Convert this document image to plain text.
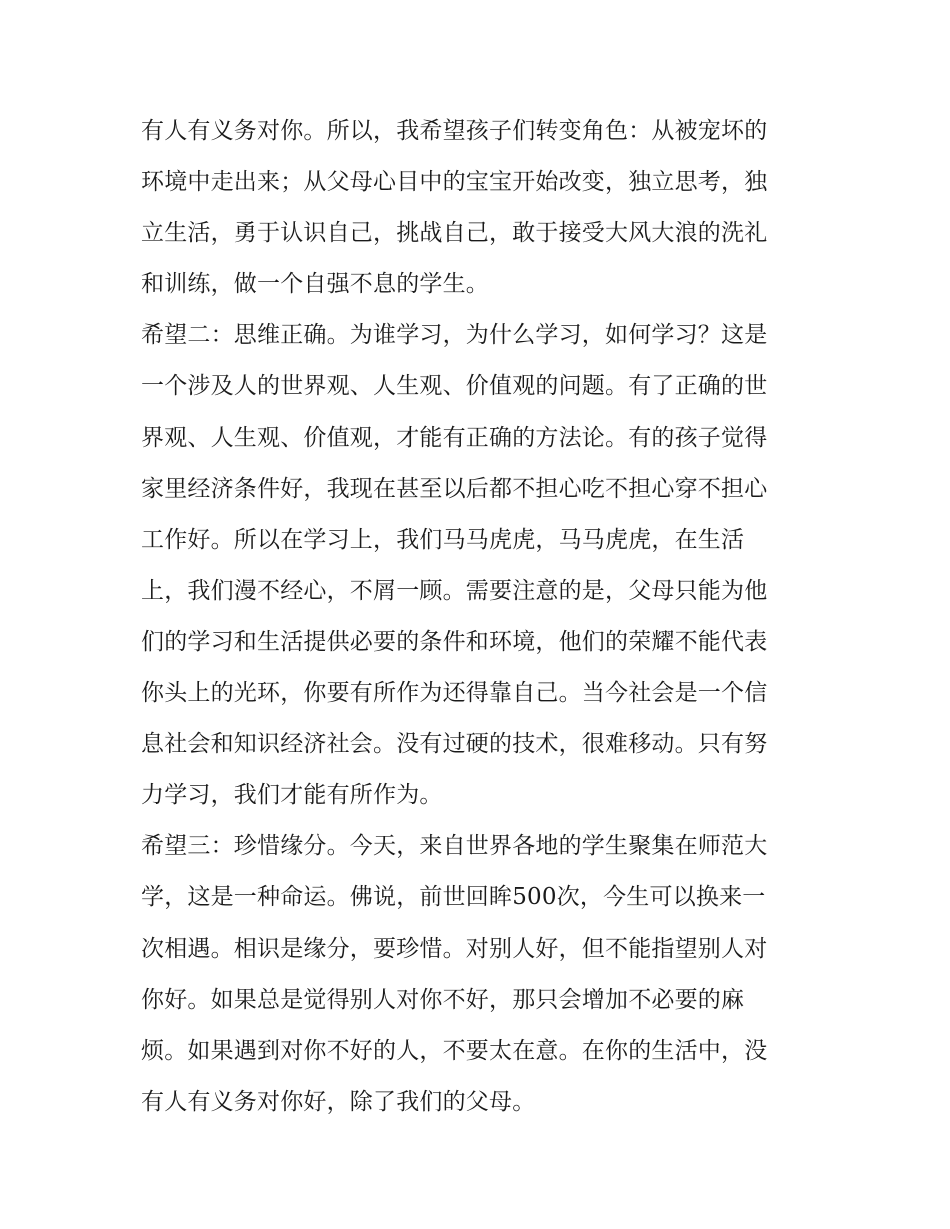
有人有义务对你。所以，我希望孩子们转变角色：从被宠坏的
环境中走出来；从父母心目中的宝宝开始改变，独立思考，独
立生活，勇于认识自己，挑战自己，敢于接受大风大浪的洗礼
和训练，做一个自强不息的学生。
希望二：思维正确。为谁学习，为什么学习，如何学习？这是
一个涉及人的世界观、人生观、价值观的问题。有了正确的世
界观、人生观、价值观，才能有正确的方法论。有的孩子觉得
家里经济条件好，我现在甚至以后都不担心吃不担心穿不担心
工作好。所以在学习上，我们马马虎虎，马马虎虎，在生活
上，我们漫不经心，不屑一顾。需要注意的是，父母只能为他
们的学习和生活提供必要的条件和环境，他们的荣耀不能代表
你头上的光环，你要有所作为还得靠自己。当今社会是一个信
息社会和知识经济社会。没有过硬的技术，很难移动。只有努
力学习，我们才能有所作为。
希望三：珍惜缘分。今天，来自世界各地的学生聚集在师范大
学，这是一种命运。佛说，前世回眸500次，今生可以换来一
次相遇。相识是缘分，要珍惜。对别人好，但不能指望别人对
你好。如果总是觉得别人对你不好，那只会增加不必要的麻
烦。如果遇到对你不好的人，不要太在意。在你的生活中，没
有人有义务对你好，除了我们的父母。
